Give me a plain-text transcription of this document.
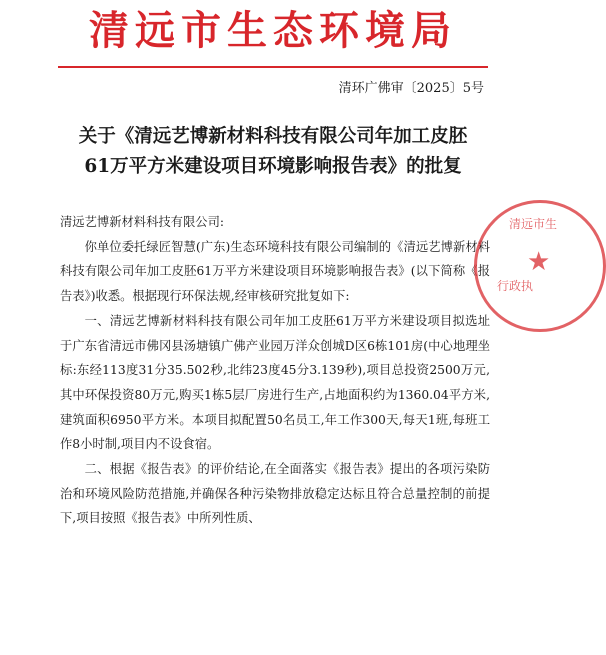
清远市生态环境局
清环广佛审〔2025〕5号
关于《清远艺博新材料科技有限公司年加工皮胚
61万平方米建设项目环境影响报告表》的批复

清远艺博新材料科技有限公司:

你单位委托绿匠智慧(广东)生态环境科技有限公司编制的《清远艺博新材料科技有限公司年加工皮胚61万平方米建设项目环境影响报告表》(以下简称《报告表》)收悉。根据现行环保法规,经审核研究批复如下:

一、清远艺博新材料科技有限公司年加工皮胚61万平方米建设项目拟选址于广东省清远市佛冈县汤塘镇广佛产业园万洋众创城D区6栋101房(中心地理坐标:东经113度31分35.502秒,北纬23度45分3.139秒),项目总投资2500万元,其中环保投资80万元,购买1栋5层厂房进行生产,占地面积约为1360.04平方米,建筑面积6950平方米。本项目拟配置50名员工,年工作300天,每天1班,每班工作8小时制,项目内不设食宿。

二、根据《报告表》的评价结论,在全面落实《报告表》提出的各项污染防治和环境风险防范措施,并确保各种污染物排放稳定达标且符合总量控制的前提下,项目按照《报告表》中所列性质、

清远市生
★
行政执
